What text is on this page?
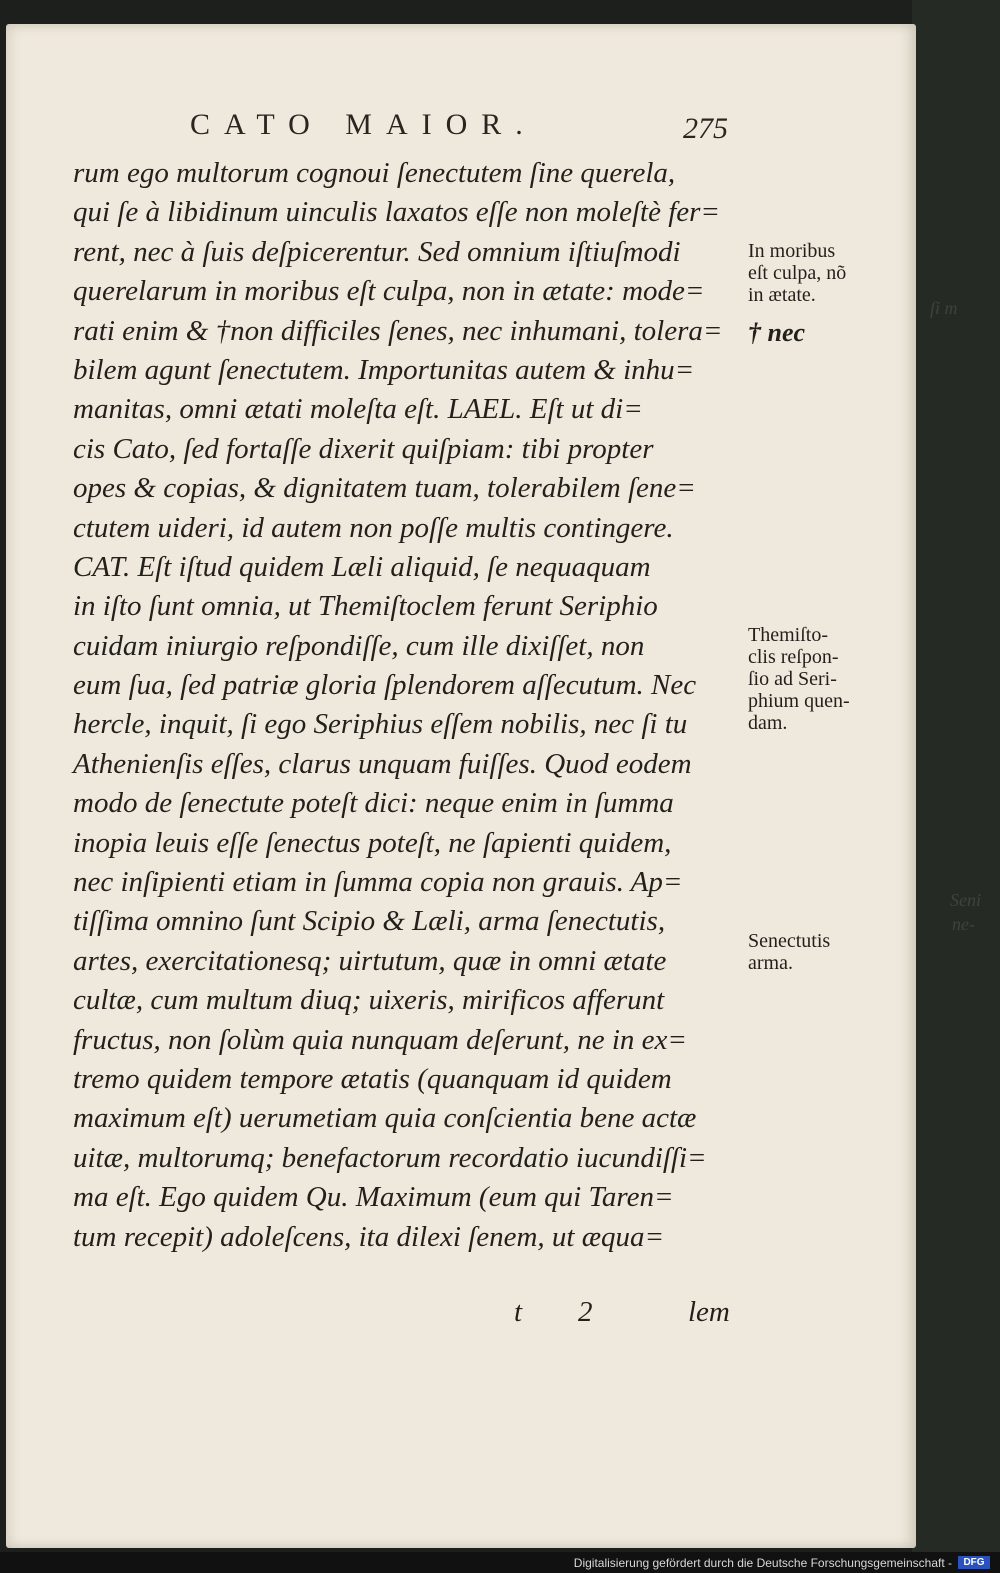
ſi m
Seni
ne-
CATO MAIOR.	275
rum ego multorum cognoui ſenectutem ſine querela,
qui ſe à libidinum uinculis laxatos eſſe non moleſtè fer=
rent, nec à ſuis deſpicerentur. Sed omnium iſtiuſmodi
querelarum in moribus eſt culpa, non in ætate: mode=
rati enim & †non difficiles ſenes, nec inhumani, tolera=
bilem agunt ſenectutem. Importunitas autem & inhu=
manitas, omni ætati moleſta eſt. LAEL. Eſt ut di=
cis Cato, ſed fortaſſe dixerit quiſpiam: tibi propter
opes & copias, & dignitatem tuam, tolerabilem ſene=
ctutem uideri, id autem non poſſe multis contingere.
CAT. Eſt iſtud quidem Læli aliquid, ſe nequaquam
in iſto ſunt omnia, ut Themiſtoclem ferunt Seriphio
cuidam iniurgio reſpondiſſe, cum ille dixiſſet, non
eum ſua, ſed patriæ gloria ſplendorem aſſecutum. Nec
hercle, inquit, ſi ego Seriphius eſſem nobilis, nec ſi tu
Athenienſis eſſes, clarus unquam fuiſſes. Quod eodem
modo de ſenectute poteſt dici: neque enim in ſumma
inopia leuis eſſe ſenectus poteſt, ne ſapienti quidem,
nec inſipienti etiam in ſumma copia non grauis. Ap=
tiſſima omnino ſunt Scipio & Læli, arma ſenectutis,
artes, exercitationesq; uirtutum, quæ in omni ætate
cultæ, cum multum diuq; uixeris, mirificos afferunt
fructus, non ſolùm quia nunquam deſerunt, ne in ex=
tremo quidem tempore ætatis (quanquam id quidem
maximum eſt) uerumetiam quia conſcientia bene actæ
uitæ, multorumq; benefactorum recordatio iucundiſſi=
ma eſt. Ego quidem Qu. Maximum (eum qui Taren=
tum recepit) adoleſcens, ita dilexi ſenem, ut æqua=
t 2	lem
In moribus
eſt culpa, nõ
in ætate.
† nec
Themiſto-
clis reſpon-
ſio ad Seri-
phium quen-
dam.
Senectutis
arma.
Digitalisierung gefördert durch die Deutsche Forschungsgemeinschaft -	DFG
